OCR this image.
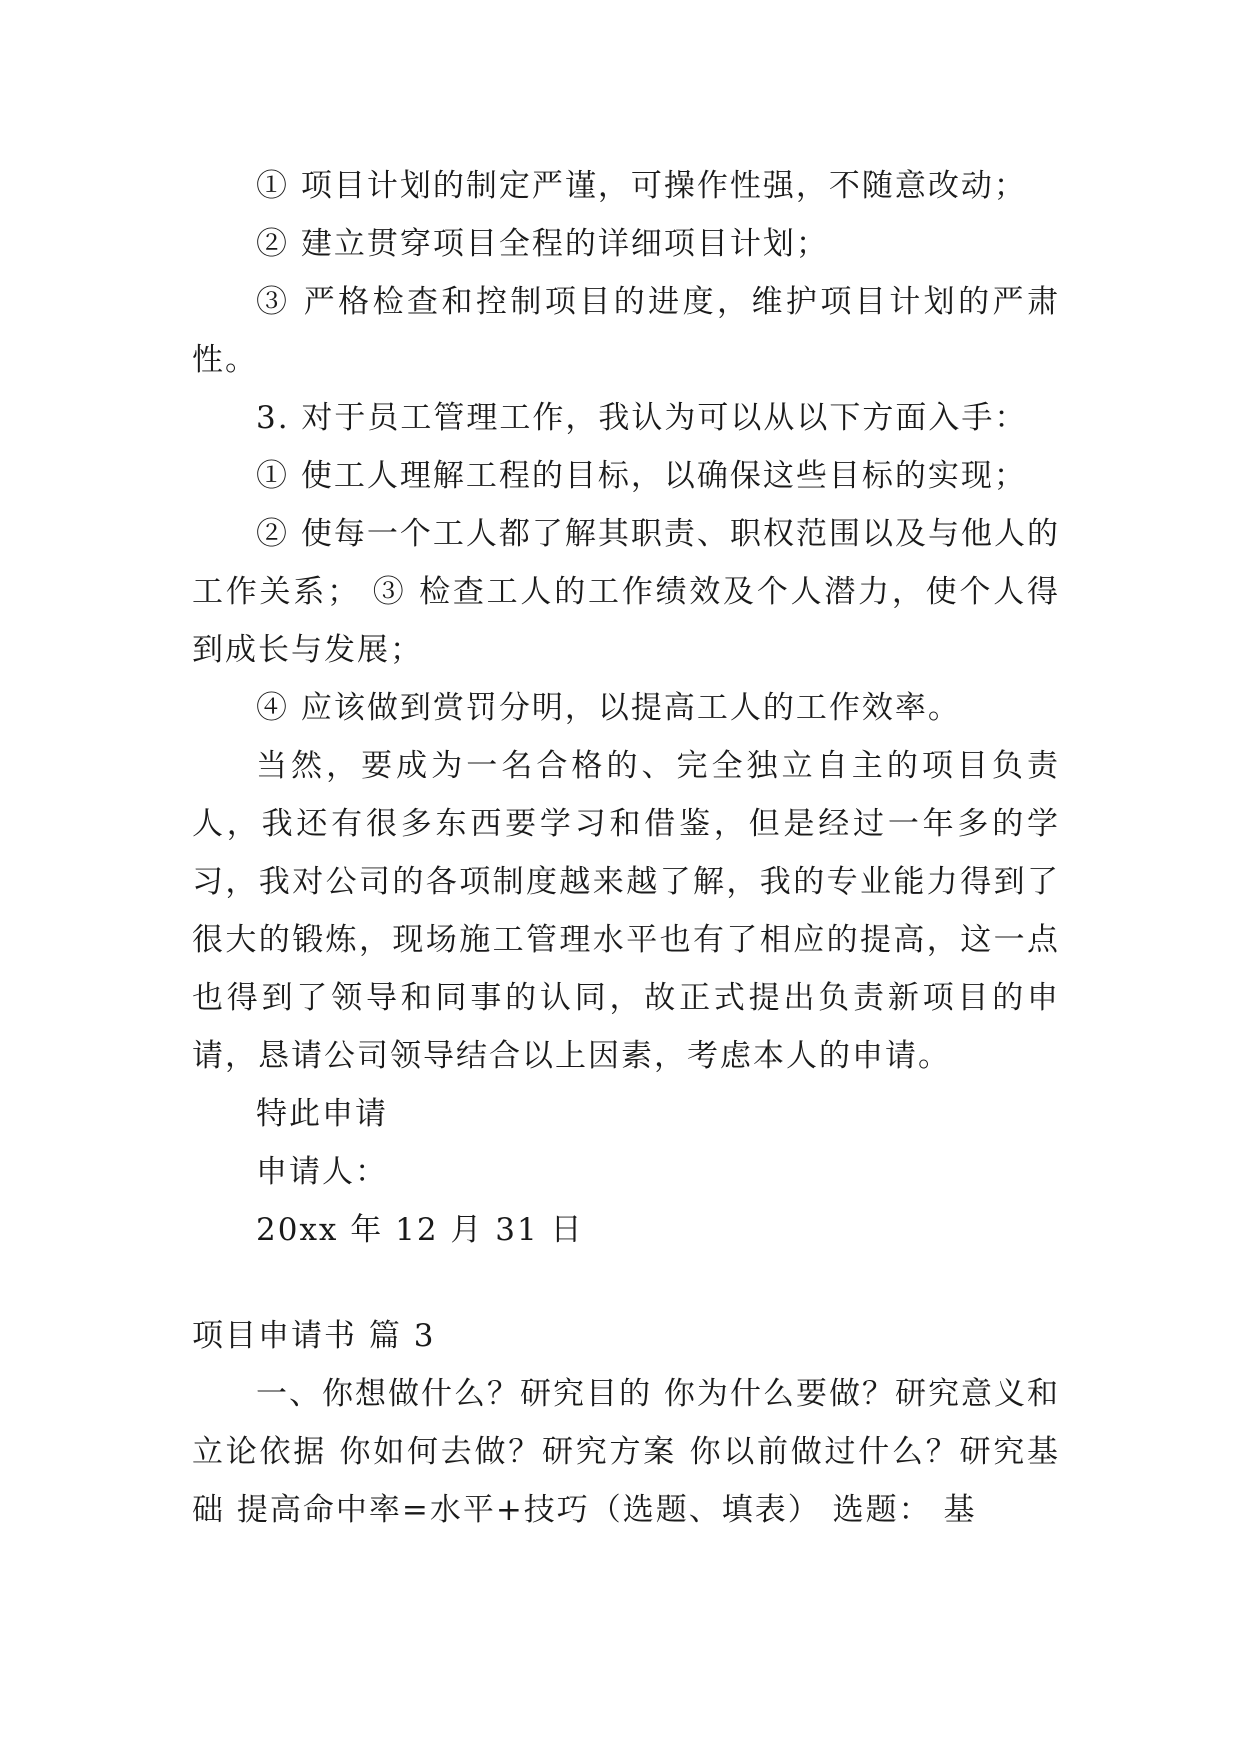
① 项目计划的制定严谨，可操作性强，不随意改动；

② 建立贯穿项目全程的详细项目计划；

③ 严格检查和控制项目的进度，维护项目计划的严肃性。

3. 对于员工管理工作，我认为可以从以下方面入手：

① 使工人理解工程的目标，以确保这些目标的实现；

② 使每一个工人都了解其职责、职权范围以及与他人的工作关系； ③ 检查工人的工作绩效及个人潜力，使个人得到成长与发展；

④ 应该做到赏罚分明，以提高工人的工作效率。

当然，要成为一名合格的、完全独立自主的项目负责人，我还有很多东西要学习和借鉴，但是经过一年多的学习，我对公司的各项制度越来越了解，我的专业能力得到了很大的锻炼，现场施工管理水平也有了相应的提高，这一点也得到了领导和同事的认同，故正式提出负责新项目的申请，恳请公司领导结合以上因素，考虑本人的申请。

特此申请

申请人：

20xx 年 12 月 31 日

项目申请书 篇 3

一、你想做什么？研究目的 你为什么要做？研究意义和立论依据 你如何去做？研究方案 你以前做过什么？研究基础 提高命中率=水平+技巧（选题、填表） 选题： 基
